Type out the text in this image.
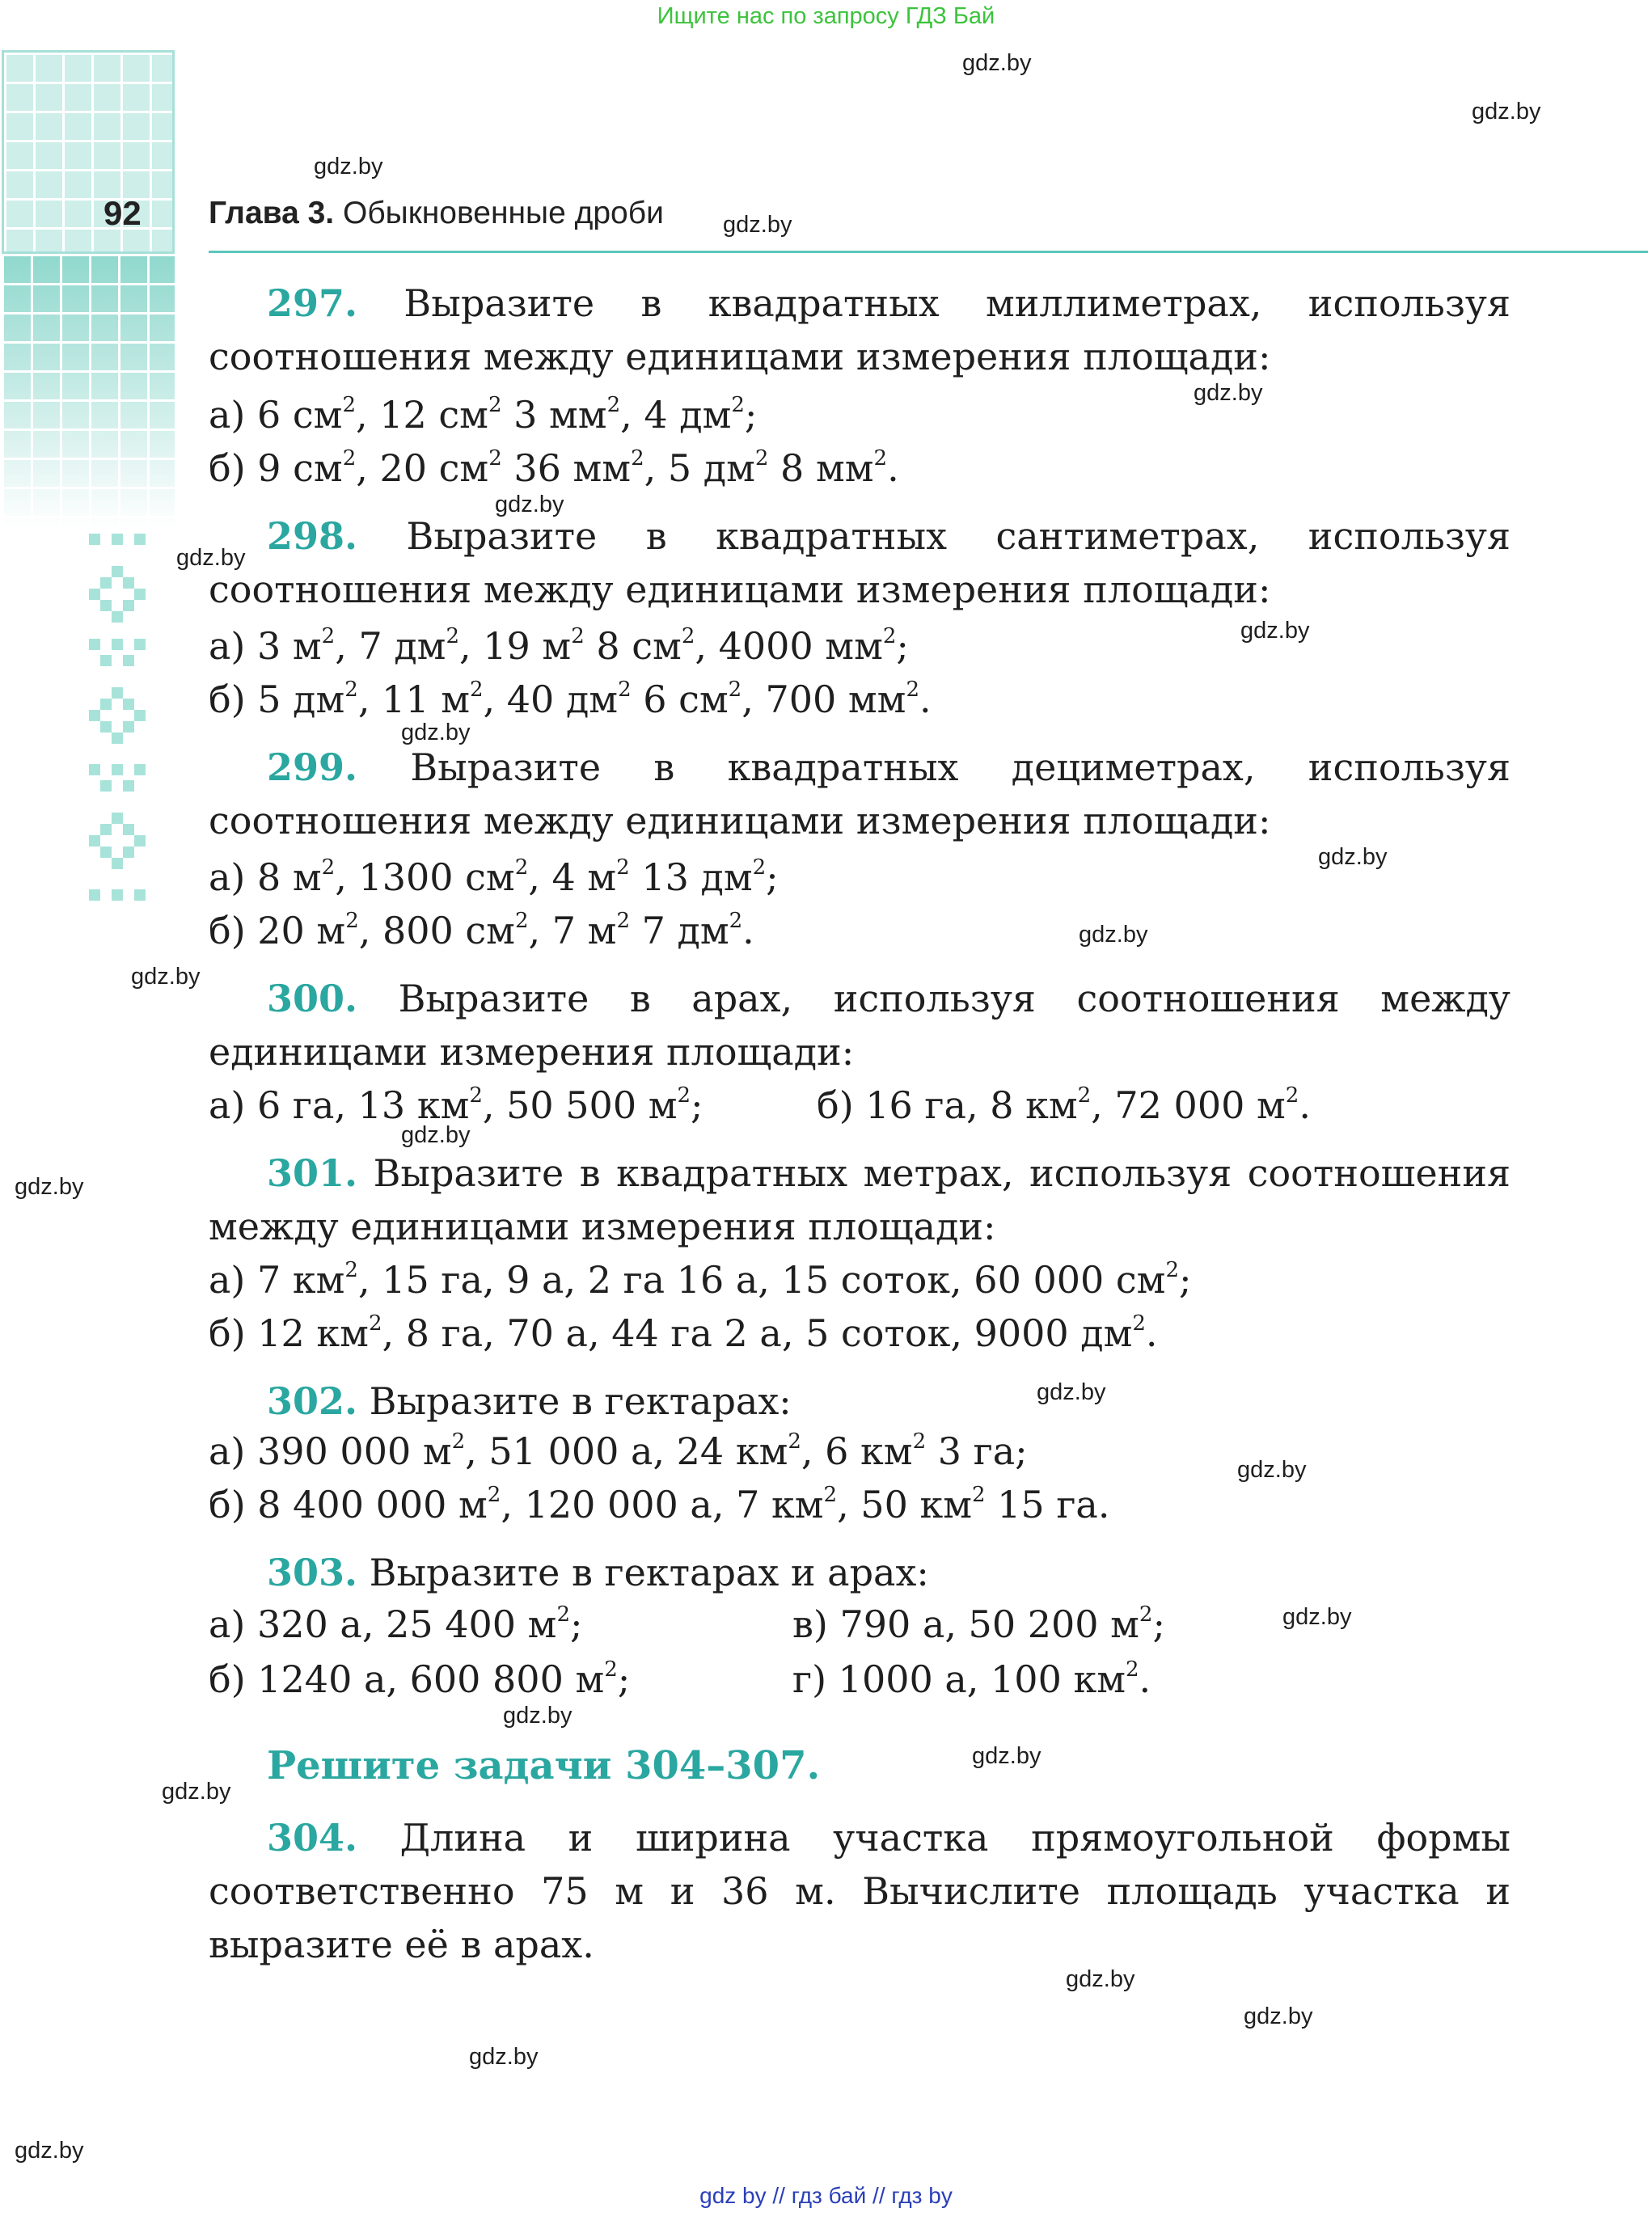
Ищите нас по запросу ГДЗ Бай
92 Глава 3. Обыкновенные дроби
gdz.by
gdz.by
gdz.by
gdz.by
gdz.by
gdz.by
gdz.by
gdz.by
gdz.by
gdz.by
gdz.by
gdz.by
gdz.by
gdz.by
gdz.by
gdz.by
gdz.by
gdz.by
gdz.by
gdz.by
gdz.by
gdz.by
gdz.by
gdz.by
297. Выразите в квадратных миллиметрах, используя соотношения между единицами измерения площади:
а) 6 $см^2$, 12 $см^2$ 3 $мм^2$, 4 $дм^2$;
б) 9 $см^2$, 20 $см^2$ 36 $мм^2$, 5 $дм^2$ 8 $мм^2$.
298. Выразите в квадратных сантиметрах, используя соотношения между единицами измерения площади:
а) 3 $м^2$, 7 $дм^2$, 19 $м^2$ 8 $см^2$, 4000 $мм^2$;
б) 5 $дм^2$, 11 $м^2$, 40 $дм^2$ 6 $см^2$, 700 $мм^2$.
299. Выразите в квадратных дециметрах, используя соотношения между единицами измерения площади:
а) 8 $м^2$, 1300 $см^2$, 4 $м^2$ 13 $дм^2$;
б) 20 $м^2$, 800 $см^2$, 7 $м^2$ 7 $дм^2$.
300. Выразите в арах, используя соотношения между единицами измерения площади:
а) 6 га, 13 $км^2$, 50 500 $м^2$;	б) 16 га, 8 $км^2$, 72 000 $м^2$.
301. Выразите в квадратных метрах, используя соотношения между единицами измерения площади:
а) 7 $км^2$, 15 га, 9 а, 2 га 16 а, 15 соток, 60 000 $см^2$;
б) 12 $км^2$, 8 га, 70 а, 44 га 2 а, 5 соток, 9000 $дм^2$.
302. Выразите в гектарах:
а) 390 000 $м^2$, 51 000 а, 24 $км^2$, 6 $км^2$ 3 га;
б) 8 400 000 $м^2$, 120 000 а, 7 $км^2$, 50 $км^2$ 15 га.
303. Выразите в гектарах и арах:
а) 320 а, 25 400 $м^2$;	в) 790 а, 50 200 $м^2$;
б) 1240 а, 600 800 $м^2$;	г) 1000 а, 100 $км^2$.
Решите задачи 304–307.
304. Длина и ширина участка прямоугольной формы соответственно 75 м и 36 м. Вычислите площадь участка и выразите её в арах.
gdz by // гдз бай // гдз by
